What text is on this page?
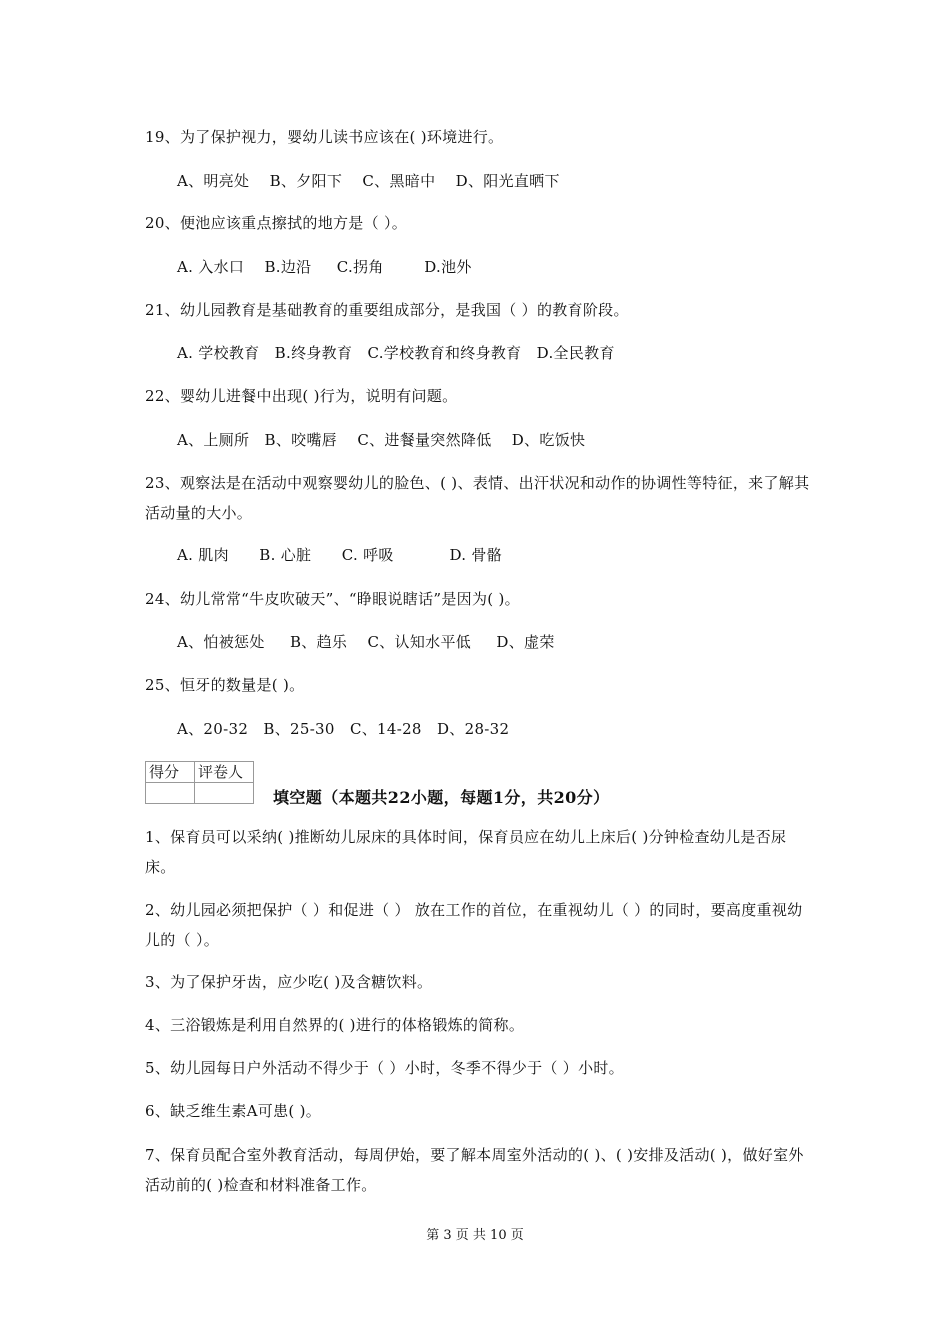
19、为了保护视力，婴幼儿读书应该在( )环境进行。
A、明亮处    B、夕阳下    C、黑暗中    D、阳光直晒下
20、便池应该重点擦拭的地方是（ ）。
A. 入水口    B.边沿     C.拐角        D.池外
21、幼儿园教育是基础教育的重要组成部分，是我国（ ）的教育阶段。
A. 学校教育   B.终身教育   C.学校教育和终身教育   D.全民教育
22、婴幼儿进餐中出现( )行为，说明有问题。
A、上厕所   B、咬嘴唇    C、进餐量突然降低    D、吃饭快
23、观察法是在活动中观察婴幼儿的脸色、( )、表情、出汗状况和动作的协调性等特征，来了解其活动量的大小。
A. 肌肉      B. 心脏      C. 呼吸           D. 骨骼
24、幼儿常常“牛皮吹破天”、“睁眼说瞎话”是因为( )。
A、怕被惩处     B、趋乐    C、认知水平低     D、虚荣
25、恒牙的数量是( )。
A、20-32   B、25-30   C、14-28   D、28-32
得分	评卷人

填空题（本题共22小题，每题1分，共20分）
1、保育员可以采纳( )推断幼儿尿床的具体时间，保育员应在幼儿上床后( )分钟检查幼儿是否尿床。
2、幼儿园必须把保护（ ）和促进（ ） 放在工作的首位，在重视幼儿（ ）的同时，要高度重视幼儿的（ ）。
3、为了保护牙齿，应少吃( )及含糖饮料。
4、三浴锻炼是利用自然界的( )进行的体格锻炼的简称。
5、幼儿园每日户外活动不得少于（ ）小时，冬季不得少于（ ）小时。
6、缺乏维生素A可患( )。
7、保育员配合室外教育活动，每周伊始，要了解本周室外活动的( )、( )安排及活动( )，做好室外活动前的( )检查和材料准备工作。
第 3 页 共 10 页
